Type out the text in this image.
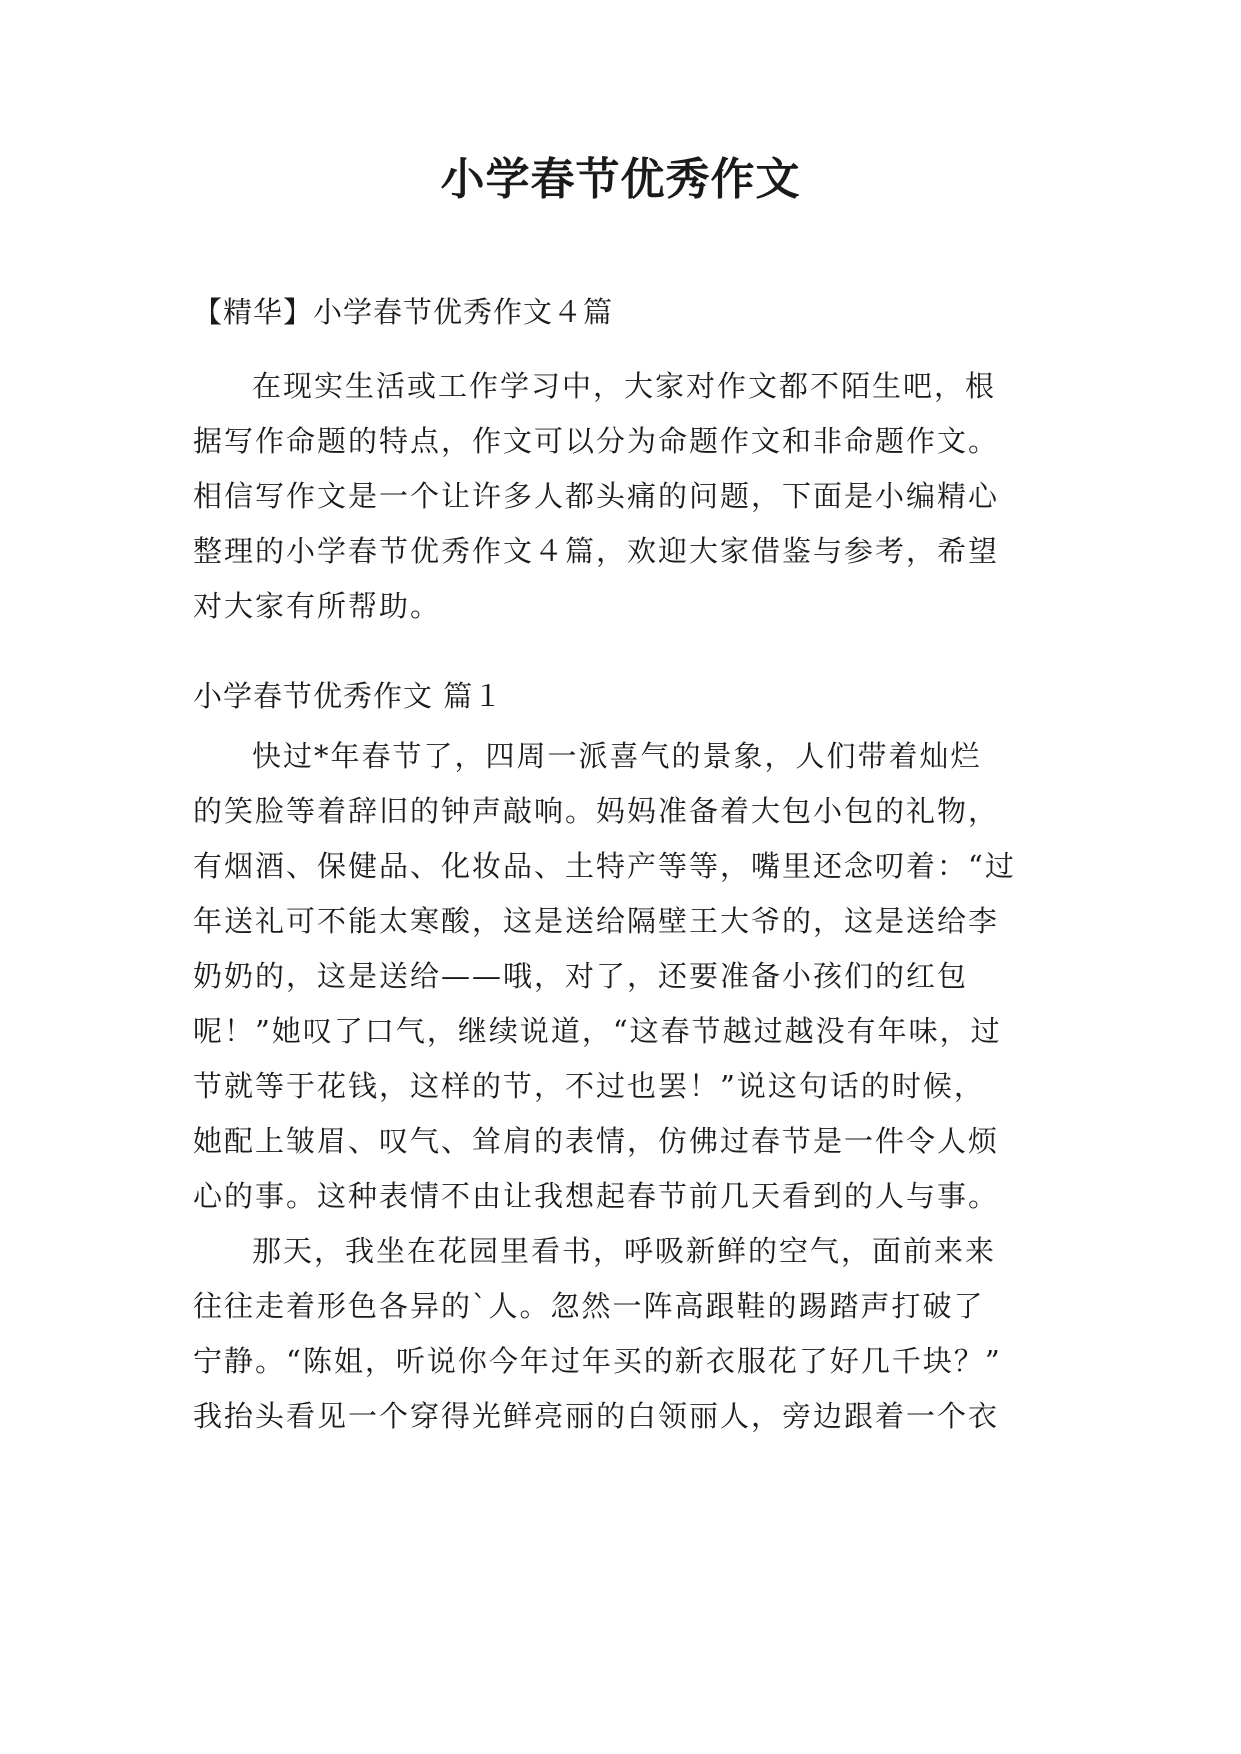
小学春节优秀作文
【精华】小学春节优秀作文４篇
在现实生活或工作学习中，大家对作文都不陌生吧，根
据写作命题的特点，作文可以分为命题作文和非命题作文。
相信写作文是一个让许多人都头痛的问题，下面是小编精心
整理的小学春节优秀作文４篇，欢迎大家借鉴与参考，希望
对大家有所帮助。
小学春节优秀作文 篇１
快过*年春节了，四周一派喜气的景象，人们带着灿烂
的笑脸等着辞旧的钟声敲响。妈妈准备着大包小包的礼物，
有烟酒、保健品、化妆品、土特产等等，嘴里还念叨着：“过
年送礼可不能太寒酸，这是送给隔壁王大爷的，这是送给李
奶奶的，这是送给——哦，对了，还要准备小孩们的红包
呢！”她叹了口气，继续说道，“这春节越过越没有年味，过
节就等于花钱，这样的节，不过也罢！”说这句话的时候，
她配上皱眉、叹气、耸肩的表情，仿佛过春节是一件令人烦
心的事。这种表情不由让我想起春节前几天看到的人与事。
那天，我坐在花园里看书，呼吸新鲜的空气，面前来来
往往走着形色各异的`人。忽然一阵高跟鞋的踢踏声打破了
宁静。“陈姐，听说你今年过年买的新衣服花了好几千块？”
我抬头看见一个穿得光鲜亮丽的白领丽人，旁边跟着一个衣
